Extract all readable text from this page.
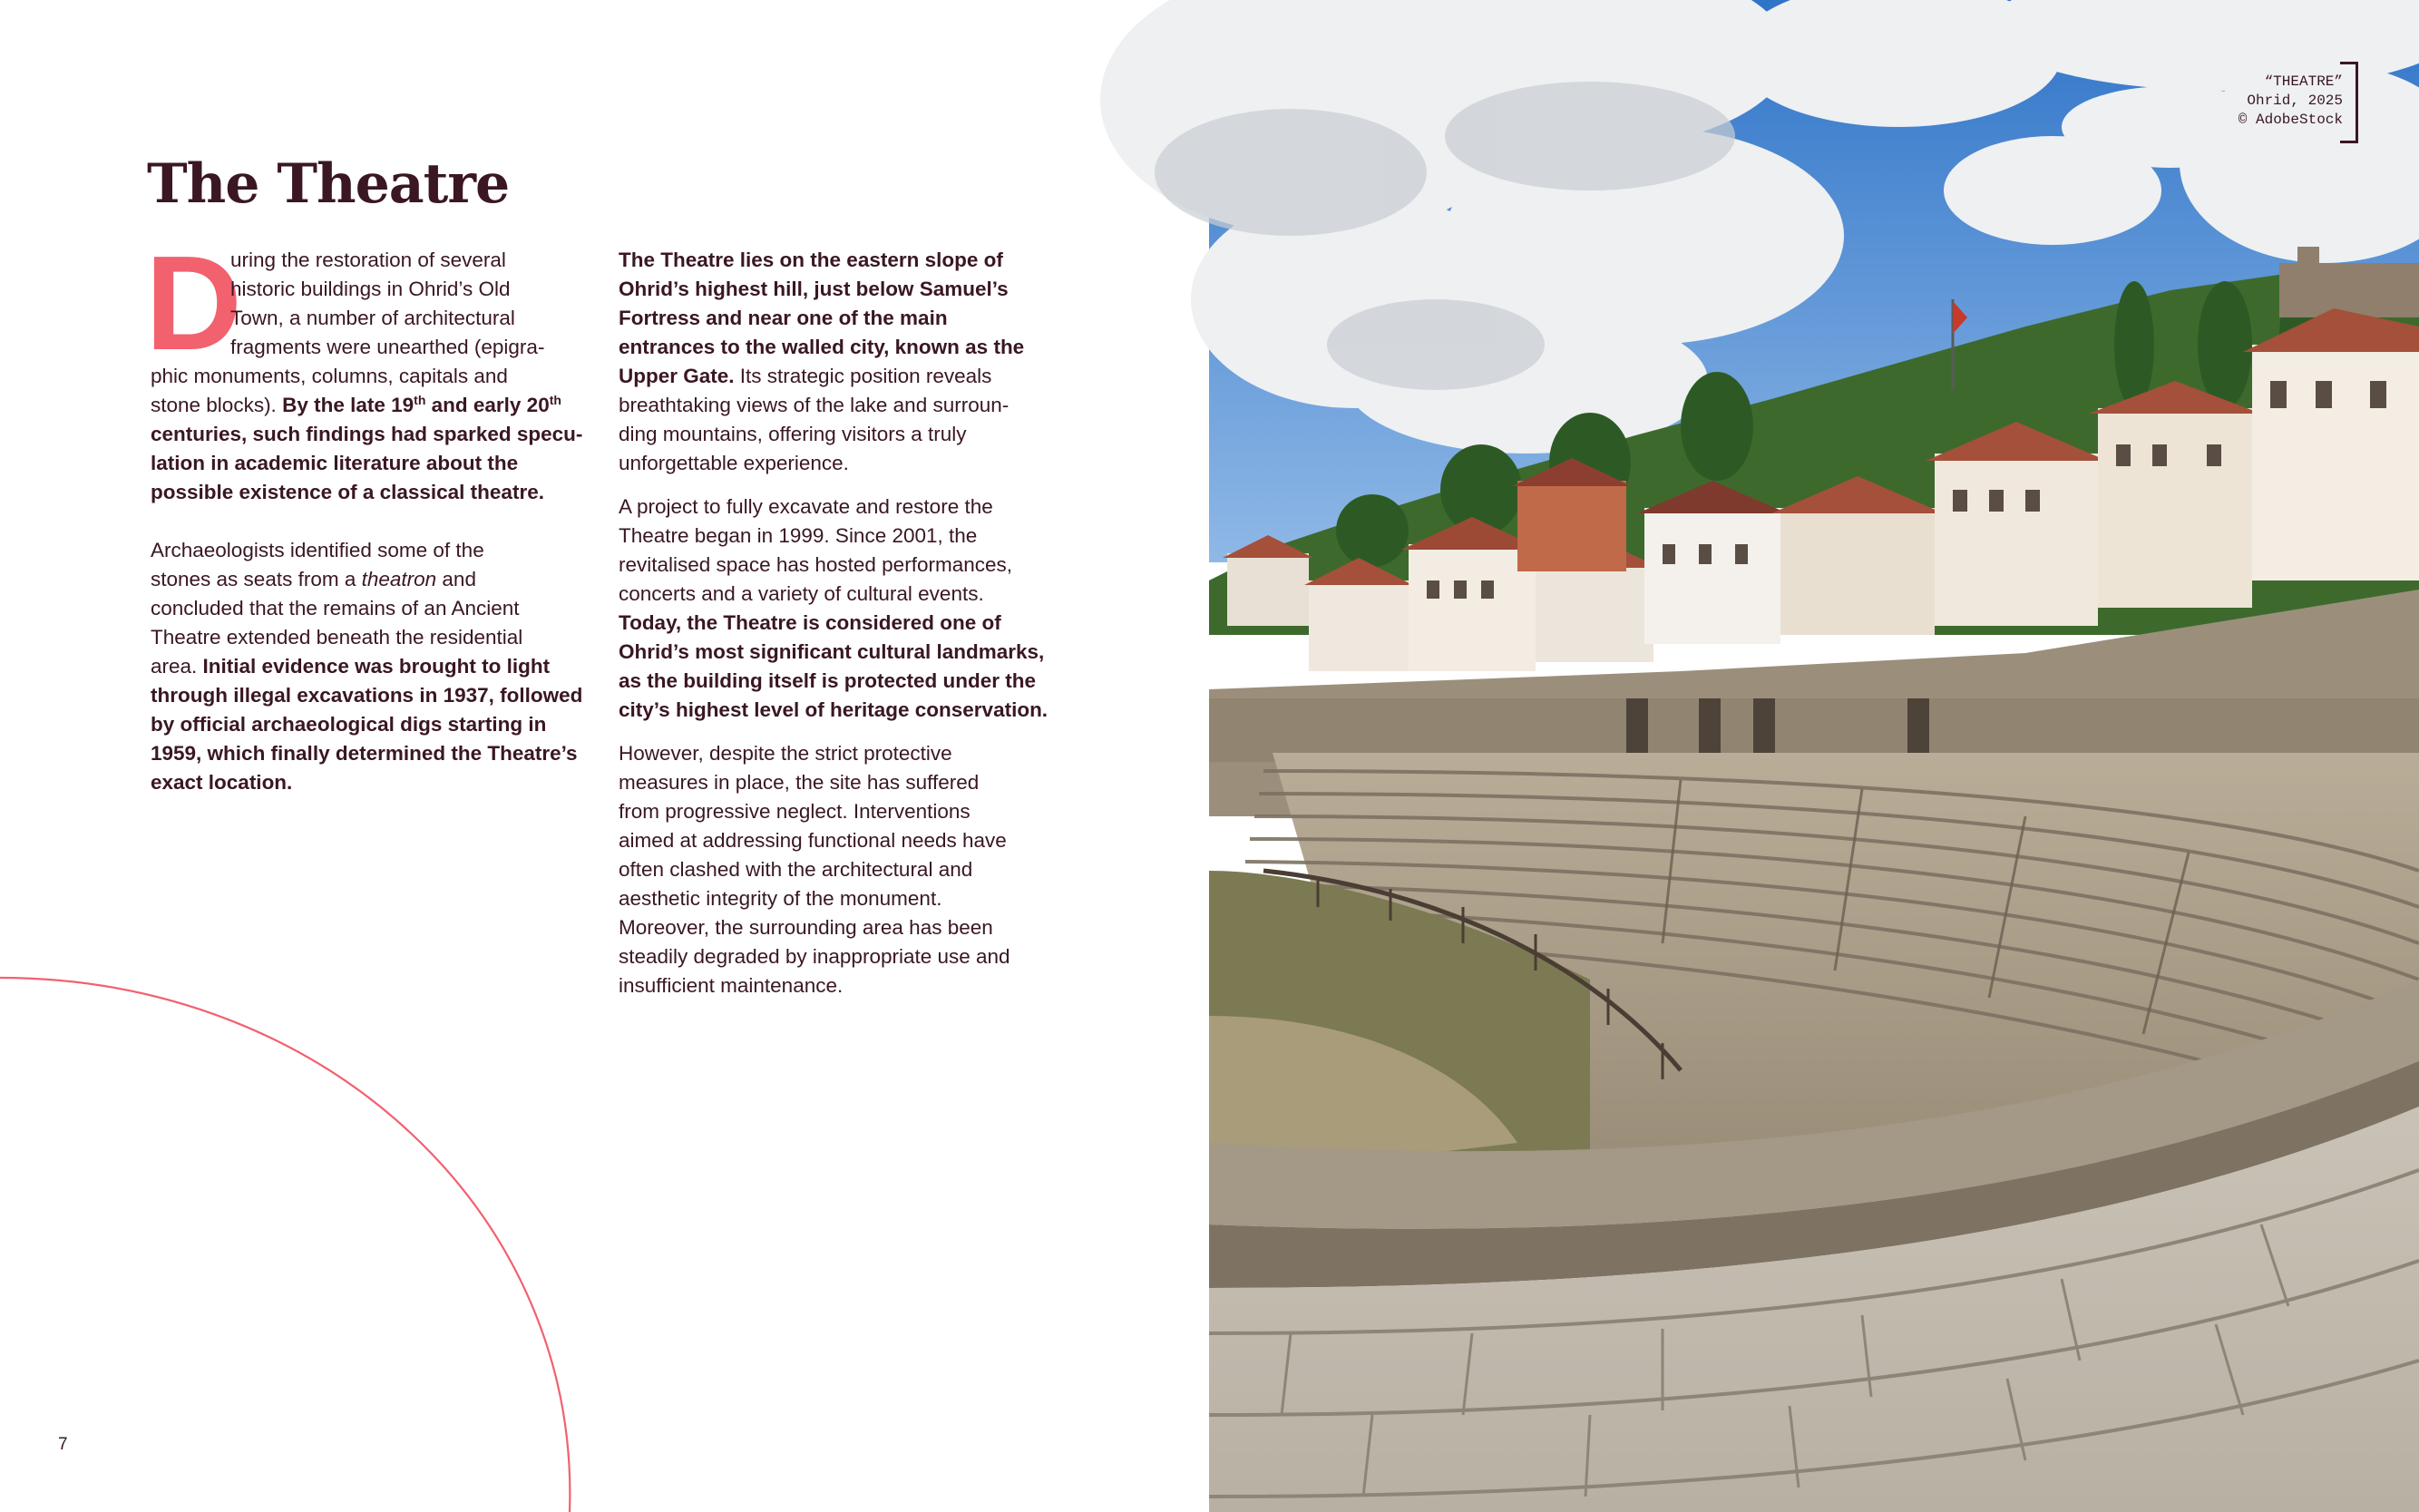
The Theatre
D

uring the restoration of several
historic buildings in Ohrid’s Old
Town, a number of architectural
fragments were unearthed (epigra-
phic monuments, columns, capitals and
stone blocks). By the late 19th and early 20th
centuries, such findings had sparked specu-
lation in academic literature about the
possible existence of a classical theatre.

Archaeologists identified some of the
stones as seats from a theatron and
concluded that the remains of an Ancient
Theatre extended beneath the residential
area. Initial evidence was brought to light
through illegal excavations in 1937, followed
by official archaeological digs starting in
1959, which finally determined the Theatre’s
exact location.

The Theatre lies on the eastern slope of
Ohrid’s highest hill, just below Samuel’s
Fortress and near one of the main
entrances to the walled city, known as the
Upper Gate. Its strategic position reveals
breathtaking views of the lake and surroun-
ding mountains, offering visitors a truly
unforgettable experience.

A project to fully excavate and restore the
Theatre began in 1999. Since 2001, the
revitalised space has hosted performances,
concerts and a variety of cultural events.
Today, the Theatre is considered one of
Ohrid’s most significant cultural landmarks,
as the building itself is protected under the
city’s highest level of heritage conservation.

However, despite the strict protective
measures in place, the site has suffered
from progressive neglect. Interventions
aimed at addressing functional needs have
often clashed with the architectural and
aesthetic integrity of the monument.
Moreover, the surrounding area has been
steadily degraded by inappropriate use and
insufficient maintenance.

7
“THEATRE”
Ohrid, 2025
© AdobeStock
